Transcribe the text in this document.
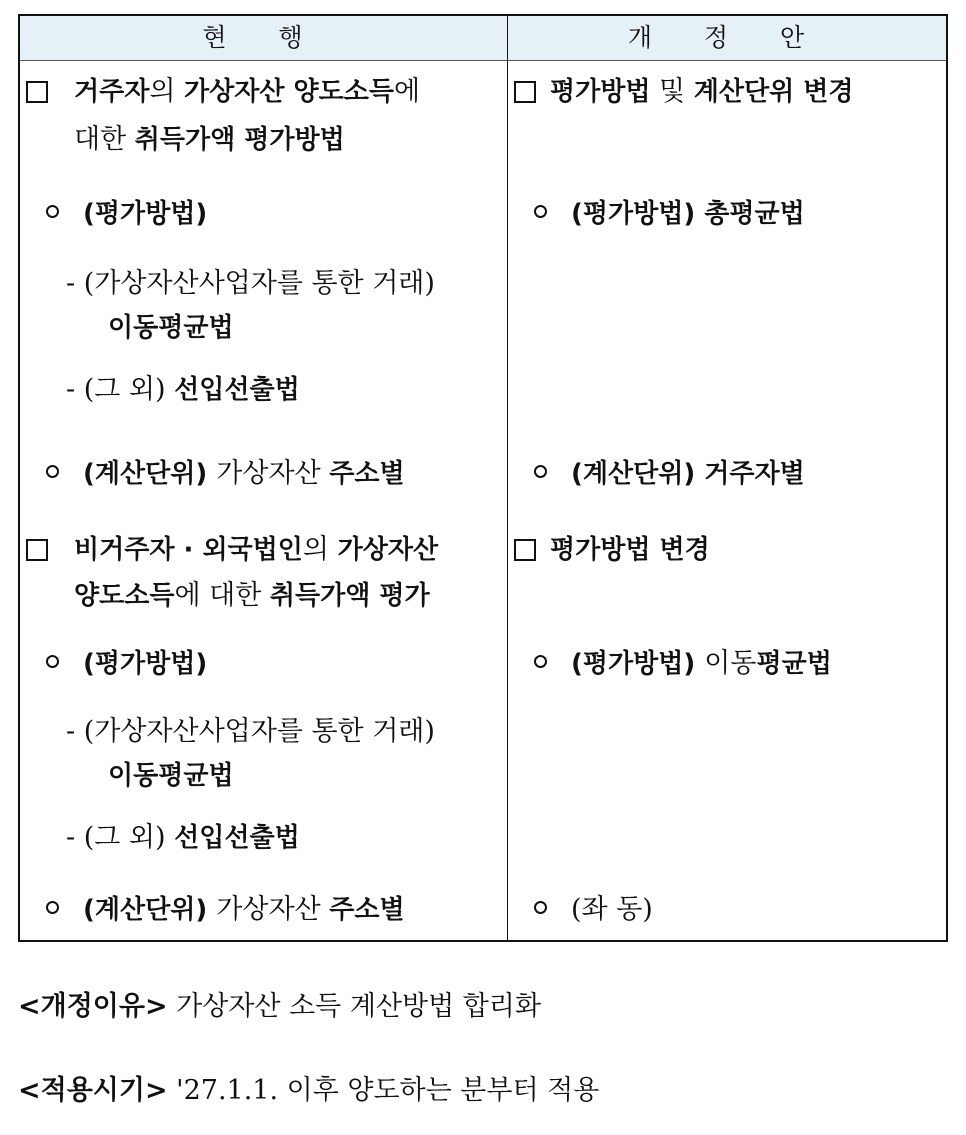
현 행	개 정 안
거주자의 가상자산 양도소득에
대한 취득가액 평가방법
(평가방법)
- (가상자산사업자를 통한 거래)
이동평균법
- (그 외) 선입선출법
(계산단위) 가상자산 주소별
비거주자 · 외국법인의 가상자산
양도소득에 대한 취득가액 평가
(평가방법)
- (가상자산사업자를 통한 거래)
이동평균법
- (그 외) 선입선출법
(계산단위) 가상자산 주소별
평가방법 및 계산단위 변경
(평가방법) 총평균법
(계산단위) 거주자별
평가방법 변경
(평가방법) 이동평균법
(좌 동)
<개정이유> 가상자산 소득 계산방법 합리화
<적용시기> '27.1.1. 이후 양도하는 분부터 적용
